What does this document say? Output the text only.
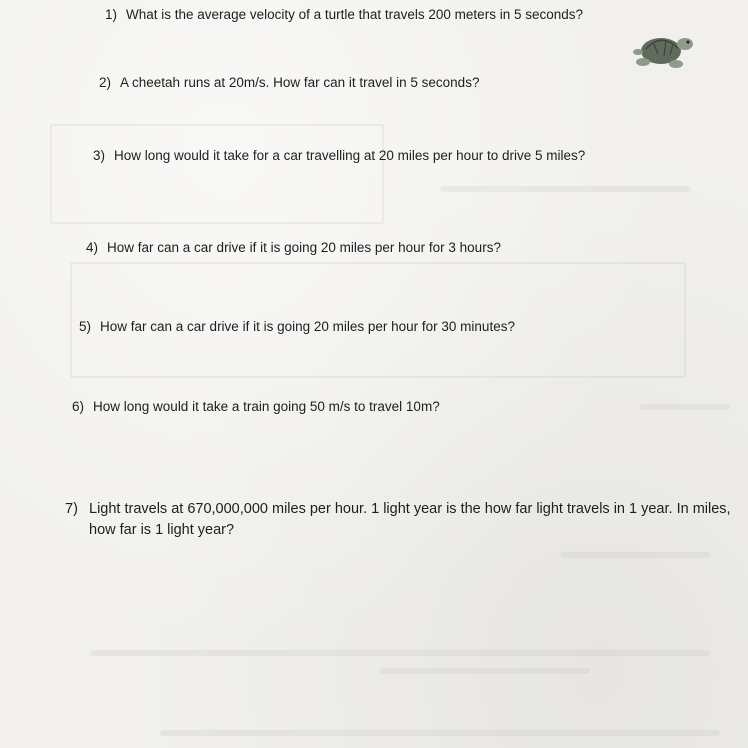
1) What is the average velocity of a turtle that travels 200 meters in 5 seconds?
2) A cheetah runs at 20m/s. How far can it travel in 5 seconds?
3) How long would it take for a car travelling at 20 miles per hour to drive 5 miles?
4) How far can a car drive if it is going 20 miles per hour for 3 hours?
5) How far can a car drive if it is going 20 miles per hour for 30 minutes?
6) How long would it take a train going 50 m/s to travel 10m?
7) Light travels at 670,000,000 miles per hour. 1 light year is the how far light travels in 1 year. In miles, how far is 1 light year?
